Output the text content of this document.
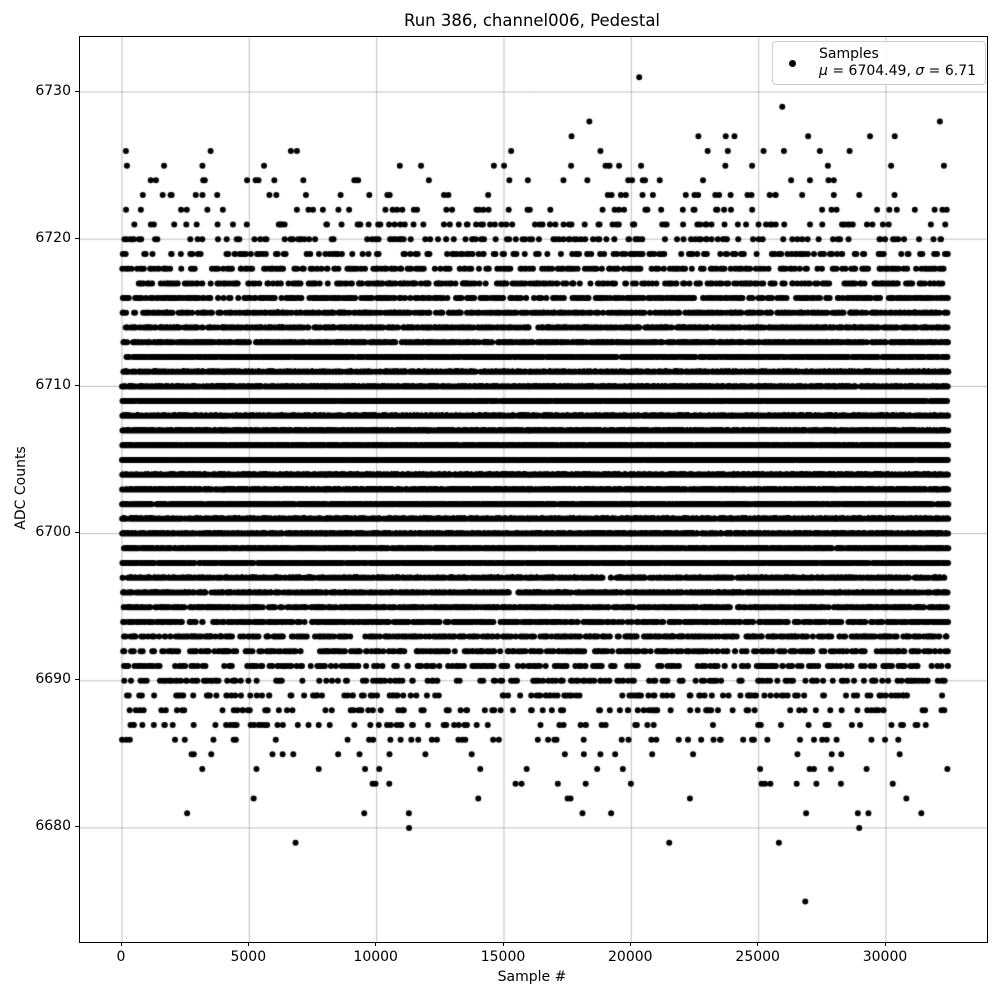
Run 386, channel006, Pedestal
0	5000	10000	15000	20000	25000	30000
6680
6690
6700
6710
6720
6730
Sample #
ADC Counts
Samples
μ = 6704.49, σ = 6.71
